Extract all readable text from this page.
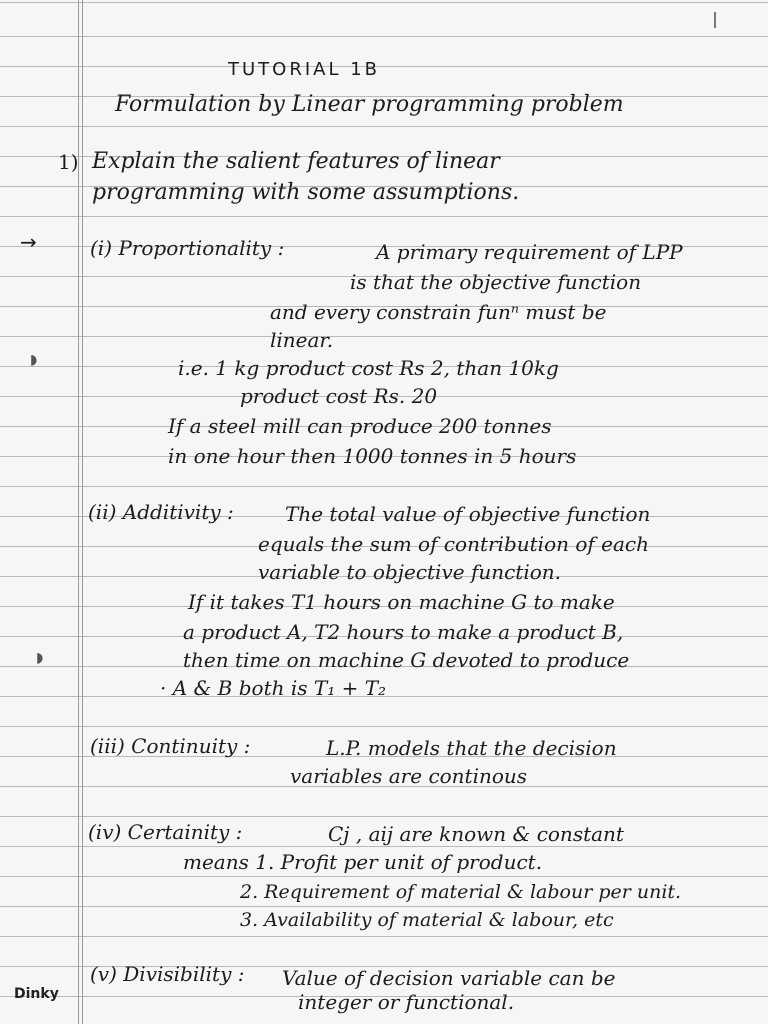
TUTORIAL 1B
Formulation by Linear programming problem
1) Explain the salient features of linear
programming with some assumptions.
→	(i) Proportionality :	A primary requirement of LPP
is that the objective function
and every constrain funⁿ must be
linear.
i.e. 1 kg product cost Rs 2, than 10kg
product cost Rs. 20
If a steel mill can produce 200 tonnes
in one hour then 1000 tonnes in 5 hours
◗
(ii) Additivity :	The total value of objective function
equals the sum of contribution of each
variable to objective function.
If it takes T1 hours on machine G to make
a product A, T2 hours to make a product B,
then time on machine G devoted to produce
· A & B both is T₁ + T₂
◗
(iii) Continuity :	L.P. models that the decision
variables are continous
(iv) Certainity :	Cj , aij are known & constant
means 1. Profit per unit of product.
2. Requirement of material & labour per unit.
3. Availability of material & labour, etc
(v) Divisibility : Value of decision variable can be
integer or functional.
Dinky
